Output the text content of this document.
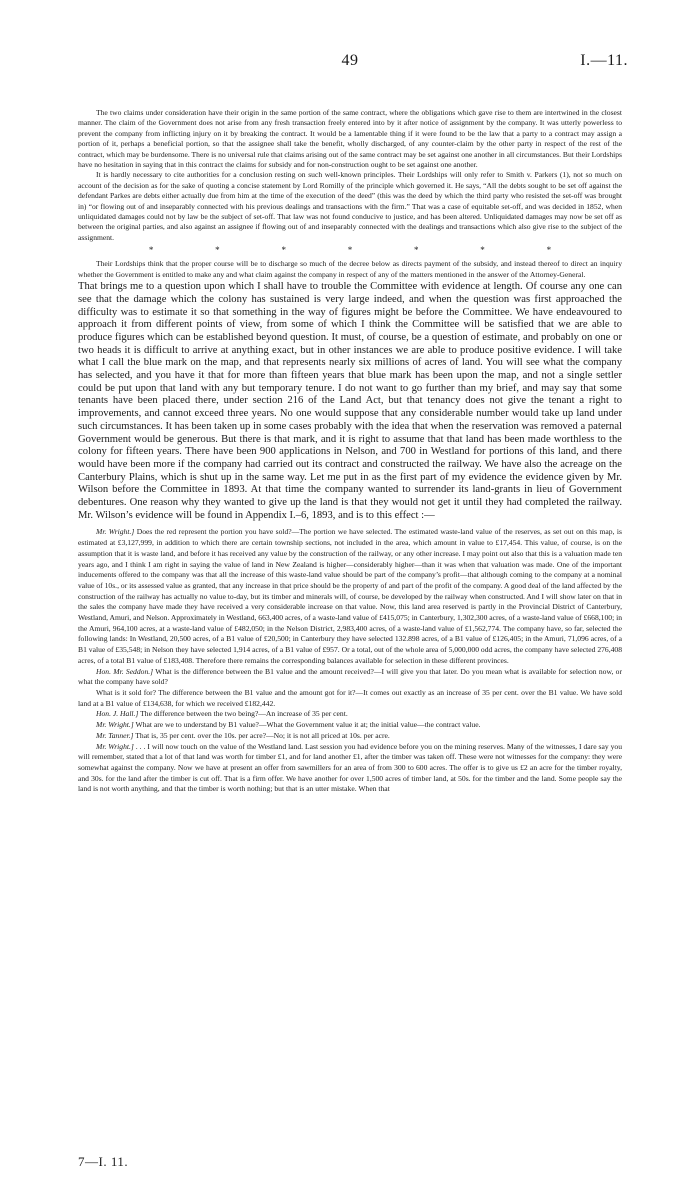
49	I.—11.

The two claims under consideration have their origin in the same portion of the same contract, where the obligations which gave rise to them are intertwined in the closest manner. The claim of the Government does not arise from any fresh transaction freely entered into by it after notice of assignment by the company. It was utterly powerless to prevent the company from inflicting injury on it by breaking the contract. It would be a lamentable thing if it were found to be the law that a party to a contract may assign a portion of it, perhaps a beneficial portion, so that the assignee shall take the benefit, wholly discharged, of any counter-claim by the other party in respect of the rest of the contract, which may be burdensome. There is no universal rule that claims arising out of the same contract may be set against one another in all circumstances. But their Lordships have no hesitation in saying that in this contract the claims for subsidy and for non-construction ought to be set against one another.

It is hardly necessary to cite authorities for a conclusion resting on such well-known principles. Their Lordships will only refer to Smith v. Parkers (1), not so much on account of the decision as for the sake of quoting a concise statement by Lord Romilly of the principle which governed it. He says, “All the debts sought to be set off against the defendant Parkes are debts either actually due from him at the time of the execution of the deed” (this was the deed by which the third party who resisted the set-off was brought in) “or flowing out of and inseparably connected with his previous dealings and transactions with the firm.” That was a case of equitable set-off, and was decided in 1852, when unliquidated damages could not by law be the subject of set-off. That law was not found conducive to justice, and has been altered. Unliquidated damages may now be set off as between the original parties, and also against an assignee if flowing out of and inseparably connected with the dealings and transactions which also give rise to the subject of the assignment.

*	*	*	*	*	*	*

Their Lordships think that the proper course will be to discharge so much of the decree below as directs payment of the subsidy, and instead thereof to direct an inquiry whether the Government is entitled to make any and what claim against the company in respect of any of the matters mentioned in the answer of the Attorney-General.

That brings me to a question upon which I shall have to trouble the Committee with evidence at length. Of course any one can see that the damage which the colony has sustained is very large indeed, and when the question was first approached the difficulty was to estimate it so that something in the way of figures might be before the Committee. We have endeavoured to approach it from different points of view, from some of which I think the Committee will be satisfied that we are able to produce figures which can be established beyond question. It must, of course, be a question of estimate, and probably on one or two heads it is difficult to arrive at anything exact, but in other instances we are able to produce positive evidence. I will take what I call the blue mark on the map, and that represents nearly six millions of acres of land. You will see what the company has selected, and you have it that for more than fifteen years that blue mark has been upon the map, and not a single settler could be put upon that land with any but temporary tenure. I do not want to go further than my brief, and may say that some tenants have been placed there, under section 216 of the Land Act, but that tenancy does not give the tenant a right to improvements, and cannot exceed three years. No one would suppose that any considerable number would take up land under such circumstances. It has been taken up in some cases probably with the idea that when the reservation was removed a paternal Government would be generous. But there is that mark, and it is right to assume that that land has been made worthless to the colony for fifteen years. There have been 900 applications in Nelson, and 700 in Westland for portions of this land, and there would have been more if the company had carried out its contract and constructed the railway. We have also the acreage on the Canterbury Plains, which is shut up in the same way. Let me put in as the first part of my evidence the evidence given by Mr. Wilson before the Committee in 1893. At that time the company wanted to surrender its land-grants in lieu of Government debentures. One reason why they wanted to give up the land is that they would not get it until they had completed the railway. Mr. Wilson’s evidence will be found in Appendix I.–6, 1893, and is to this effect :—

Mr. Wright.] Does the red represent the portion you have sold?—The portion we have selected. The estimated waste-land value of the reserves, as set out on this map, is estimated at £3,127,999, in addition to which there are certain township sections, not included in the area, which amount in value to £17,454. This value, of course, is on the assumption that it is waste land, and before it has received any value by the construction of the railway, or any other increase. I may point out also that this is a valuation made ten years ago, and I think I am right in saying the value of land in New Zealand is higher—considerably higher—than it was when that valuation was made. One of the important inducements offered to the company was that all the increase of this waste-land value should be part of the company’s profit—that although coming to the company at a nominal value of 10s., or its assessed value as granted, that any increase in that price should be the property of and part of the profit of the company. A good deal of the land affected by the construction of the railway has actually no value to-day, but its timber and minerals will, of course, be developed by the railway when constructed. And I will show later on that in the sales the company have made they have received a very considerable increase on that value. Now, this land area reserved is partly in the Provincial District of Canterbury, Westland, Amuri, and Nelson. Approximately in Westland, 663,400 acres, of a waste-land value of £415,075; in Canterbury, 1,302,300 acres, of a waste-land value of £668,100; in the Amuri, 964,100 acres, at a waste-land value of £482,050; in the Nelson District, 2,983,400 acres, of a waste-land value of £1,562,774. The company have, so far, selected the following lands: In Westland, 20,500 acres, of a B1 value of £20,500; in Canterbury they have selected 132.898 acres, of a B1 value of £126,405; in the Amuri, 71,096 acres, of a B1 value of £35,548; in Nelson they have selected 1,914 acres, of a B1 value of £957. Or a total, out of the whole area of 5,000,000 odd acres, the company have selected 276,408 acres, of a total B1 value of £183,408. Therefore there remains the corresponding balances available for selection in these different provinces.

Hon. Mr. Seddon.] What is the difference between the B1 value and the amount received?—I will give you that later. Do you mean what is available for selection now, or what the company have sold?

What is it sold for? The difference between the B1 value and the amount got for it?—It comes out exactly as an increase of 35 per cent. over the B1 value. We have sold land at a B1 value of £134,638, for which we received £182,442.

Hon. J. Hall.] The difference between the two being?—An increase of 35 per cent.

Mr. Wright.] What are we to understand by B1 value?—What the Government value it at; the initial value—the contract value.

Mr. Tanner.] That is, 35 per cent. over the 10s. per acre?—No; it is not all priced at 10s. per acre.

Mr. Wright.] . . . I will now touch on the value of the Westland land. Last session you had evidence before you on the mining reserves. Many of the witnesses, I dare say you will remember, stated that a lot of that land was worth for timber £1, and for land another £1, after the timber was taken off. These were not witnesses for the company: they were somewhat against the company. Now we have at present an offer from sawmillers for an area of from 300 to 600 acres. The offer is to give us £2 an acre for the timber royalty, and 30s. for the land after the timber is cut off. That is a firm offer. We have another for over 1,500 acres of timber land, at 50s. for the timber and the land. Some people say the land is not worth anything, and that the timber is worth nothing; but that is an utter mistake. When that

7—I. 11.
